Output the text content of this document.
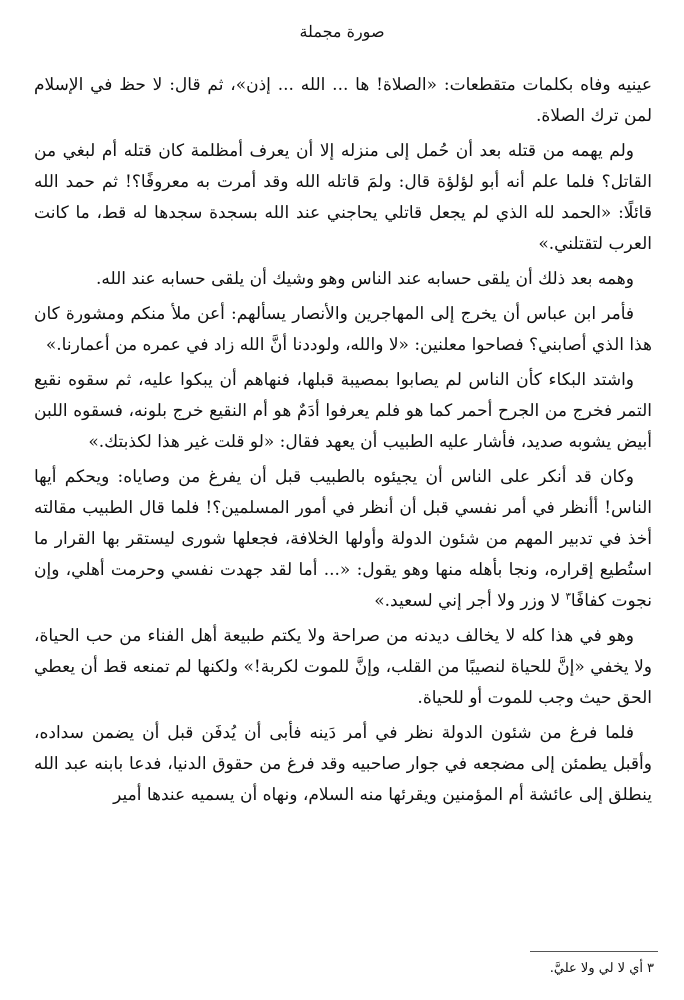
صورة مجملة

عينيه وفاه بكلمات متقطعات: «الصلاة! ها ... الله ... إذن»، ثم قال: لا حظ في الإسلام لمن ترك الصلاة.

ولم يهمه من قتله بعد أن حُمل إلى منزله إلا أن يعرف أمظلمة كان قتله أم لبغي من القاتل؟ فلما علم أنه أبو لؤلؤة قال: ولمَ قاتله الله وقد أمرت به معروفًا؟! ثم حمد الله قائلًا: «الحمد لله الذي لم يجعل قاتلي يحاجني عند الله بسجدة سجدها له قط، ما كانت العرب لتقتلني.»

وهمه بعد ذلك أن يلقى حسابه عند الناس وهو وشيك أن يلقى حسابه عند الله.

فأمر ابن عباس أن يخرج إلى المهاجرين والأنصار يسألهم: أعن ملأ منكم ومشورة كان هذا الذي أصابني؟ فصاحوا معلنين: «لا والله، ولوددنا أنَّ الله زاد في عمره من أعمارنا.»

واشتد البكاء كأن الناس لم يصابوا بمصيبة قبلها، فنهاهم أن يبكوا عليه، ثم سقوه نقيع التمر فخرج من الجرح أحمر كما هو فلم يعرفوا أدَمٌ هو أم النقيع خرج بلونه، فسقوه اللبن أبيض يشوبه صديد، فأشار عليه الطبيب أن يعهد فقال: «لو قلت غير هذا لكذبتك.»

وكان قد أنكر على الناس أن يجيئوه بالطبيب قبل أن يفرغ من وصاياه: ويحكم أيها الناس! أأنظر في أمر نفسي قبل أن أنظر في أمور المسلمين؟! فلما قال الطبيب مقالته أخذ في تدبير المهم من شئون الدولة وأولها الخلافة، فجعلها شورى ليستقر بها القرار ما استُطيع إقراره، ونجا بأهله منها وهو يقول: «... أما لقد جهدت نفسي وحرمت أهلي، وإن نجوت كفافًا$^٣$ لا وزر ولا أجر إني لسعيد.»

وهو في هذا كله لا يخالف ديدنه من صراحة ولا يكتم طبيعة أهل الفناء من حب الحياة، ولا يخفي «إنَّ للحياة لنصيبًا من القلب، وإنَّ للموت لكربة!» ولكنها لم تمنعه قط أن يعطي الحق حيث وجب للموت أو للحياة.

فلما فرغ من شئون الدولة نظر في أمر دَينه فأبى أن يُدفَن قبل أن يضمن سداده، وأقبل يطمئن إلى مضجعه في جوار صاحبيه وقد فرغ من حقوق الدنيا، فدعا بابنه عبد الله ينطلق إلى عائشة أم المؤمنين ويقرئها منه السلام، ونهاه أن يسميه عندها أمير

٣أي لا لي ولا عليَّ.
